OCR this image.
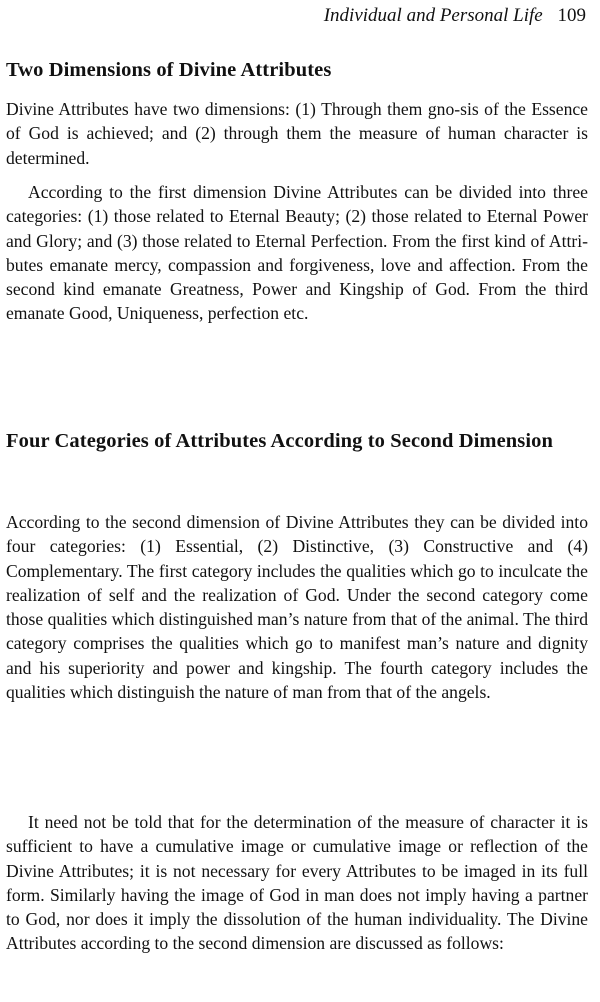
Individual and Personal Life 109
Two Dimensions of Divine Attributes

Divine Attributes have two dimensions: (1) Through them gno-sis of the Essence of God is achieved; and (2) through them the measure of human character is determined.

According to the first dimension Divine Attributes can be divided into three categories: (1) those related to Eternal Beauty; (2) those related to Eternal Power and Glory; and (3) those related to Eternal Perfection. From the first kind of Attri-butes emanate mercy, compassion and forgiveness, love and affection. From the second kind emanate Greatness, Power and Kingship of God. From the third emanate Good, Uniqueness, perfection etc.

Four Categories of Attributes According to Second Dimension

According to the second dimension of Divine Attributes they can be divided into four categories: (1) Essential, (2) Distinctive, (3) Constructive and (4) Complementary. The first category includes the qualities which go to inculcate the realization of self and the realization of God. Under the second category come those qualities which distinguished man’s nature from that of the animal. The third category comprises the qualities which go to manifest man’s nature and dignity and his superiority and power and kingship. The fourth category includes the qualities which distinguish the nature of man from that of the angels.

It need not be told that for the determination of the measure of character it is sufficient to have a cumulative image or cumulative image or reflection of the Divine Attributes; it is not necessary for every Attributes to be imaged in its full form. Similarly having the image of God in man does not imply having a partner to God, nor does it imply the dissolution of the human individuality. The Divine Attributes according to the second dimension are discussed as follows:
